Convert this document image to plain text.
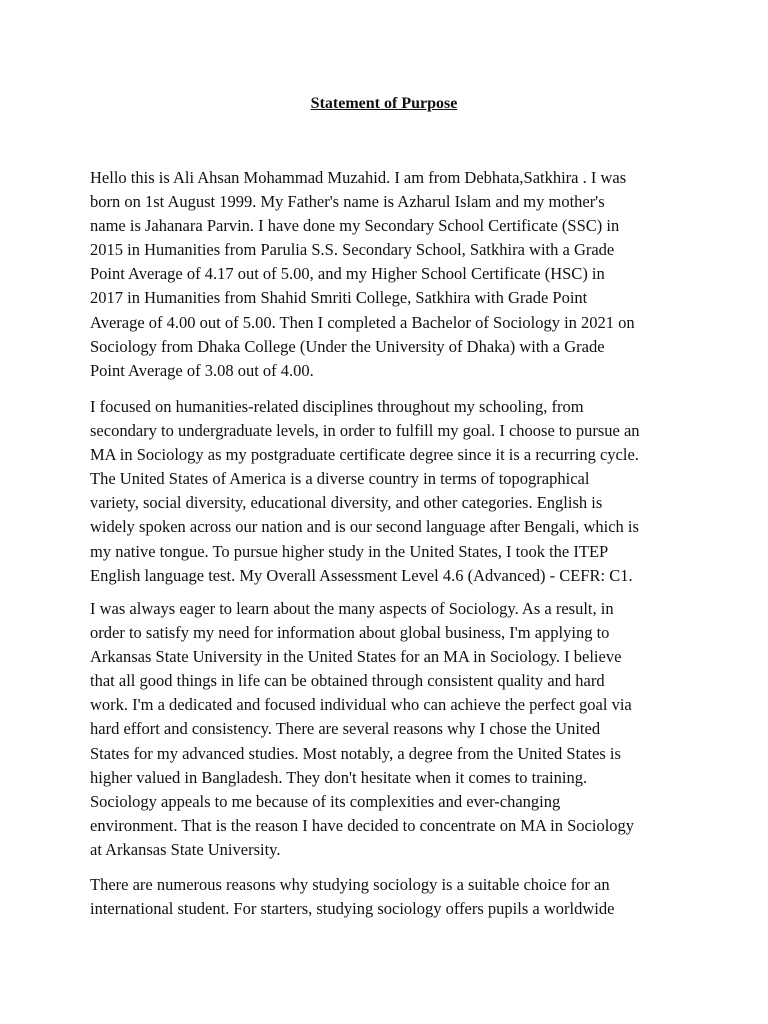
Statement of Purpose

Hello this is Ali Ahsan Mohammad Muzahid. I am from Debhata,Satkhira . I was
born on 1st August 1999. My Father's name is Azharul Islam and my mother's
name is Jahanara Parvin. I have done my Secondary School Certificate (SSC) in
2015 in Humanities from Parulia S.S. Secondary School, Satkhira with a Grade
Point Average of 4.17 out of 5.00, and my Higher School Certificate (HSC) in
2017 in Humanities from Shahid Smriti College, Satkhira with Grade Point
Average of 4.00 out of 5.00. Then I completed a Bachelor of Sociology in 2021 on
Sociology from Dhaka College (Under the University of Dhaka) with a Grade
Point Average of 3.08 out of 4.00.

I focused on humanities-related disciplines throughout my schooling, from
secondary to undergraduate levels, in order to fulfill my goal. I choose to pursue an
MA in Sociology as my postgraduate certificate degree since it is a recurring cycle.
The United States of America is a diverse country in terms of topographical
variety, social diversity, educational diversity, and other categories. English is
widely spoken across our nation and is our second language after Bengali, which is
my native tongue. To pursue higher study in the United States, I took the ITEP
English language test. My Overall Assessment Level 4.6 (Advanced) - CEFR: C1.

I was always eager to learn about the many aspects of Sociology. As a result, in
order to satisfy my need for information about global business, I'm applying to
Arkansas State University in the United States for an MA in Sociology. I believe
that all good things in life can be obtained through consistent quality and hard
work. I'm a dedicated and focused individual who can achieve the perfect goal via
hard effort and consistency. There are several reasons why I chose the United
States for my advanced studies. Most notably, a degree from the United States is
higher valued in Bangladesh. They don't hesitate when it comes to training.
Sociology appeals to me because of its complexities and ever-changing
environment. That is the reason I have decided to concentrate on MA in Sociology
at Arkansas State University.

There are numerous reasons why studying sociology is a suitable choice for an
international student. For starters, studying sociology offers pupils a worldwide
